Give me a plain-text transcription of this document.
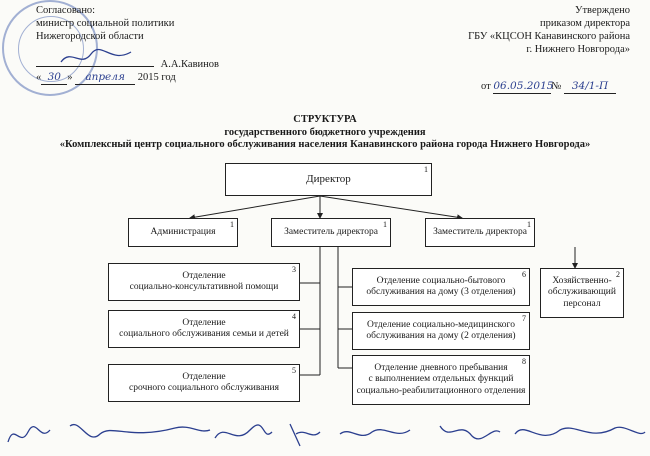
Согласовано:
министр социальной политики
Нижегородской области
А.А.Кавинов
« 30 » апреля 2015 год
Утверждено
приказом директора
ГБУ «КЦСОН Канавинского района
г. Нижнего Новгорода»
от 06.05.2015№ 34/1-П
СТРУКТУРА
государственного бюджетного учреждения
«Комплексный центр социального обслуживания населения Канавинского района города Нижнего Новгорода»
1
Директор
1
Администрация
1
Заместитель директора
1
Заместитель директора
3
Отделение
социально-консультативной помощи
4
Отделение
социального обслуживания семьи и детей
5
Отделение
срочного социального обслуживания
6
Отделение социально-бытового
обслуживания на дому (3 отделения)
7
Отделение социально-медицинского
обслуживания на дому (2 отделения)
8
Отделение дневного пребывания
с выполнением отдельных функций
социально-реабилитационного отделения
2
Хозяйственно-
обслуживающий
персонал
